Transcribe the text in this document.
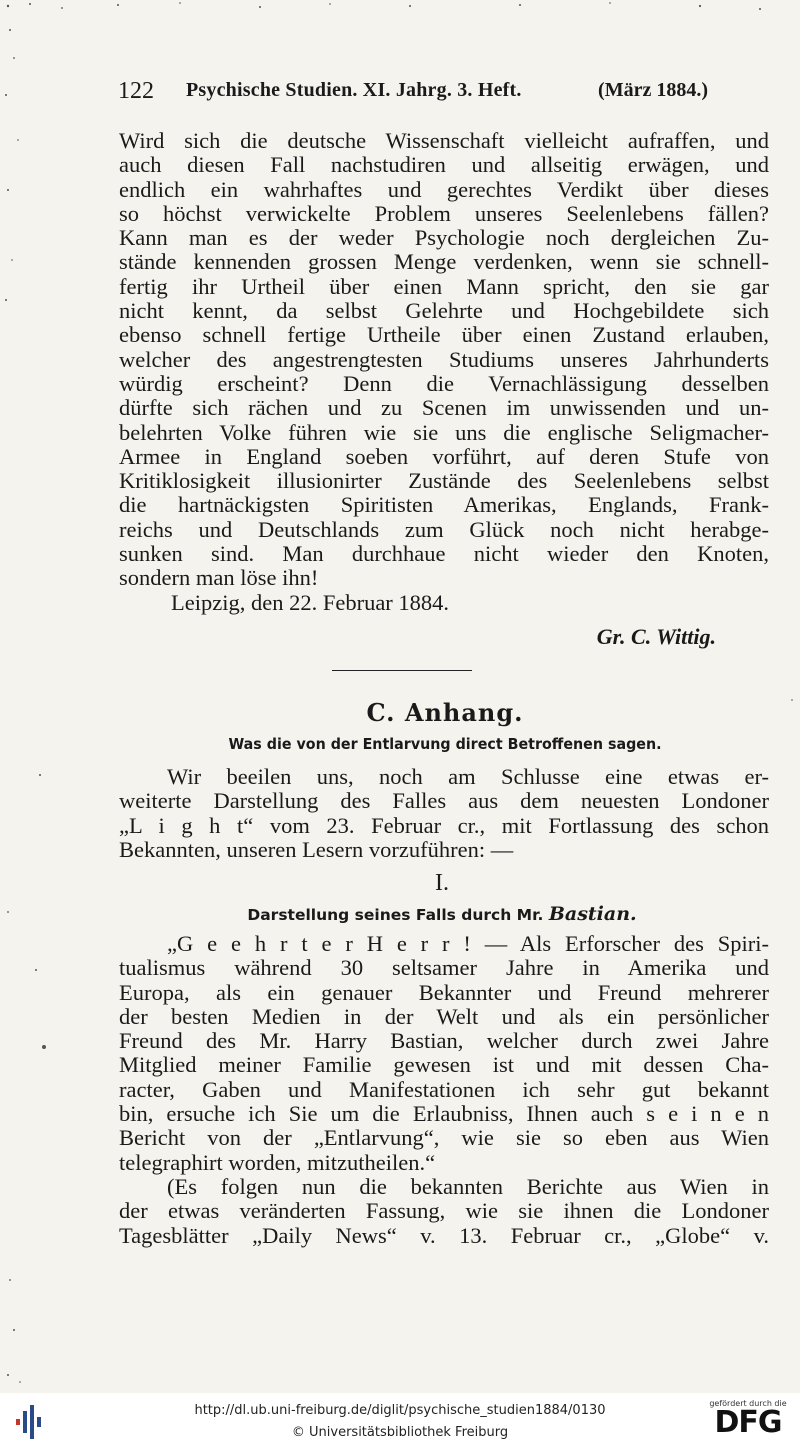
122 Psychische Studien. XI. Jahrg. 3. Heft.	(März 1884.)
Wird sich die deutsche Wissenschaft vielleicht aufraffen, und
auch diesen Fall nachstudiren und allseitig erwägen, und
endlich ein wahrhaftes und gerechtes Verdikt über dieses
so höchst verwickelte Problem unseres Seelenlebens fällen?
Kann man es der weder Psychologie noch dergleichen Zu-
stände kennenden grossen Menge verdenken, wenn sie schnell-
fertig ihr Urtheil über einen Mann spricht, den sie gar
nicht kennt, da selbst Gelehrte und Hochgebildete sich
ebenso schnell fertige Urtheile über einen Zustand erlauben,
welcher des angestrengtesten Studiums unseres Jahrhunderts
würdig erscheint? Denn die Vernachlässigung desselben
dürfte sich rächen und zu Scenen im unwissenden und un-
belehrten Volke führen wie sie uns die englische Seligmacher-
Armee in England soeben vorführt, auf deren Stufe von
Kritiklosigkeit illusionirter Zustände des Seelenlebens selbst
die hartnäckigsten Spiritisten Amerikas, Englands, Frank-
reichs und Deutschlands zum Glück noch nicht herabge-
sunken sind. Man durchhaue nicht wieder den Knoten,
sondern man löse ihn!
Leipzig, den 22. Februar 1884.
Gr. C. Wittig.
C. Anhang.
Was die von der Entlarvung direct Betroffenen sagen.
Wir beeilen uns, noch am Schlusse eine etwas er-
weiterte Darstellung des Falles aus dem neuesten Londoner
„L i g h t“ vom 23. Februar cr., mit Fortlassung des schon
Bekannten, unseren Lesern vorzuführen: —
I.
Darstellung seines Falls durch Mr. Bastian.
„G e e h r t e r H e r r ! — Als Erforscher des Spiri-
tualismus während 30 seltsamer Jahre in Amerika und
Europa, als ein genauer Bekannter und Freund mehrerer
der besten Medien in der Welt und als ein persönlicher
Freund des Mr. Harry Bastian, welcher durch zwei Jahre
Mitglied meiner Familie gewesen ist und mit dessen Cha-
racter, Gaben und Manifestationen ich sehr gut bekannt
bin, ersuche ich Sie um die Erlaubniss, Ihnen auch s e i n e n
Bericht von der „Entlarvung“, wie sie so eben aus Wien
telegraphirt worden, mitzutheilen.“
(Es folgen nun die bekannten Berichte aus Wien in
der etwas veränderten Fassung, wie sie ihnen die Londoner
Tagesblätter „Daily News“ v. 13. Februar cr., „Globe“ v.
http://dl.ub.uni-freiburg.de/diglit/psychische_studien1884/0130
© Universitätsbibliothek Freiburg
gefördert durch die
DFG
